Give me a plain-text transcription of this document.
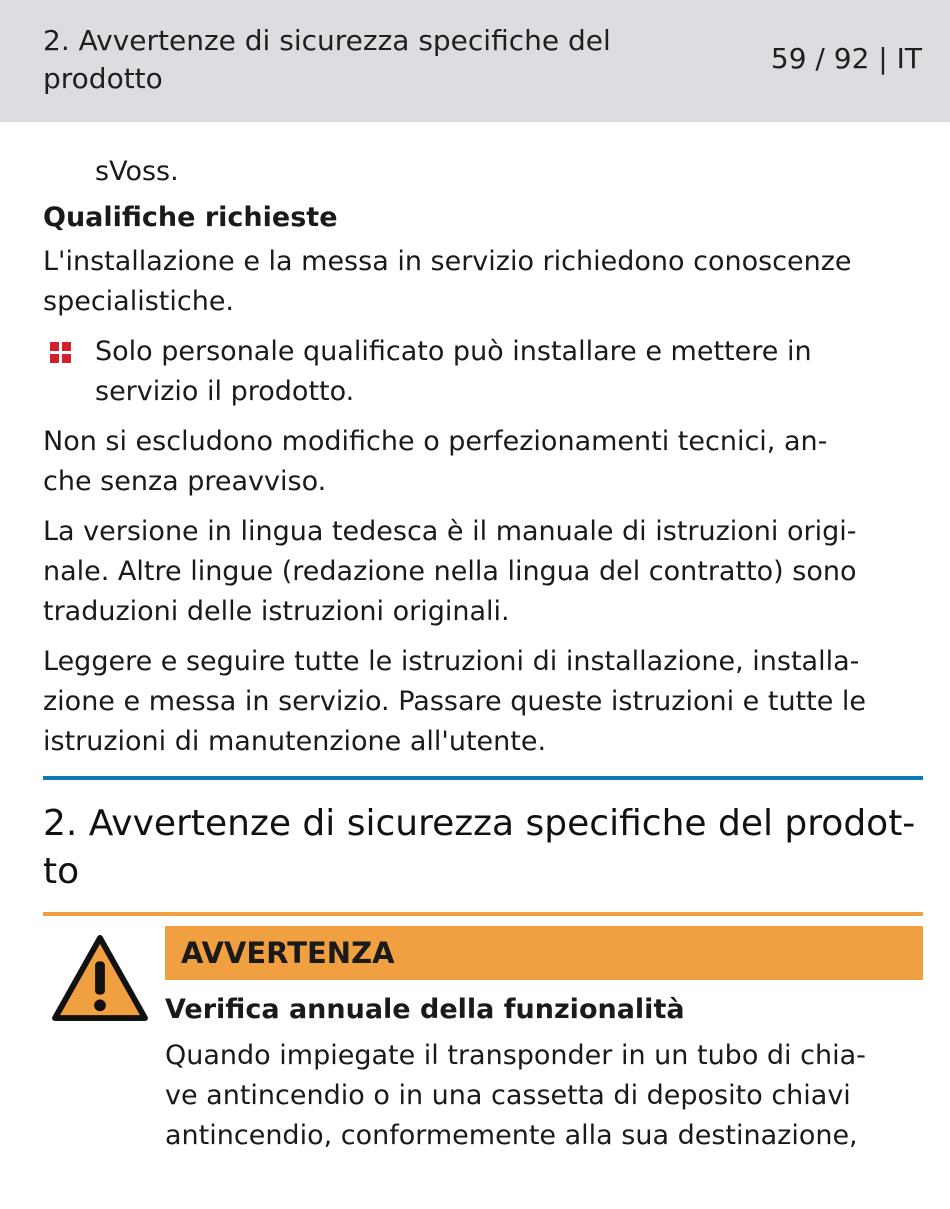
2. Avvertenze di sicurezza specifiche del
prodotto
59 / 92 | IT
sVoss.
Qualifiche richieste
L'installazione e la messa in servizio richiedono conoscenze
specialistiche.
Solo personale qualificato può installare e mettere in
servizio il prodotto.
Non si escludono modifiche o perfezionamenti tecnici, an-
che senza preavviso.
La versione in lingua tedesca è il manuale di istruzioni origi-
nale. Altre lingue (redazione nella lingua del contratto) sono
traduzioni delle istruzioni originali.
Leggere e seguire tutte le istruzioni di installazione, installa-
zione e messa in servizio. Passare queste istruzioni e tutte le
istruzioni di manutenzione all'utente.
2. Avvertenze di sicurezza specifiche del prodot-
to
AVVERTENZA
Verifica annuale della funzionalità
Quando impiegate il transponder in un tubo di chia-
ve antincendio o in una cassetta di deposito chiavi
antincendio, conformemente alla sua destinazione,
